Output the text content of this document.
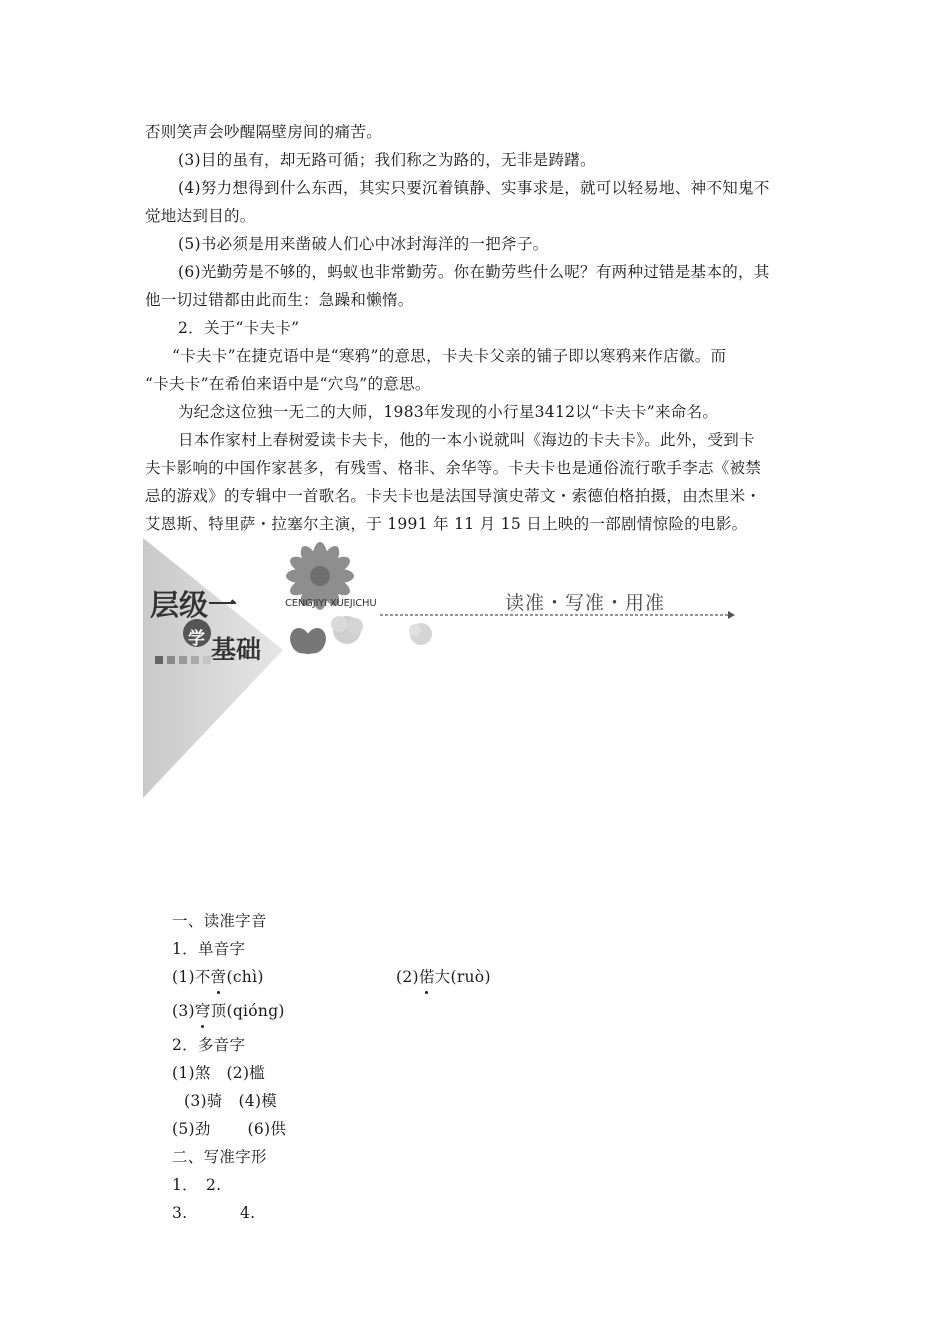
否则笑声会吵醒隔壁房间的痛苦。
(3)目的虽有，却无路可循；我们称之为路的，无非是踌躇。
(4)努力想得到什么东西，其实只要沉着镇静、实事求是，就可以轻易地、神不知鬼不
觉地达到目的。
(5)书必须是用来凿破人们心中冰封海洋的一把斧子。
(6)光勤劳是不够的，蚂蚁也非常勤劳。你在勤劳些什么呢？有两种过错是基本的，其
他一切过错都由此而生：急躁和懒惰。
2．关于“卡夫卡”
“卡夫卡”在捷克语中是“寒鸦”的意思，卡夫卡父亲的铺子即以寒鸦来作店徽。而
“卡夫卡”在希伯来语中是“穴鸟”的意思。
为纪念这位独一无二的大师，1983年发现的小行星3412以“卡夫卡”来命名。
日本作家村上春树爱读卡夫卡，他的一本小说就叫《海边的卡夫卡》。此外，受到卡
夫卡影响的中国作家甚多，有残雪、格非、余华等。卡夫卡也是通俗流行歌手李志《被禁
忌的游戏》的专辑中一首歌名。卡夫卡也是法国导演史蒂文・索德伯格拍摄，由杰里米・
艾恩斯、特里萨・拉塞尔主演，于 1991 年 11 月 15 日上映的一部剧情惊险的电影。
层级一
学 基础
CENGJIYI XUEJICHU	读准・写准・用准
一、读准字音
1．单音字
(1)不啻(chì)	(2)偌大(ruò)
(3)穹顶(qióng)
2．多音字
(1)煞　(2)槛
(3)骑　(4)模
(5)劲　　 (6)供
二、写准字形
1．　2.
3.　　　 4.
